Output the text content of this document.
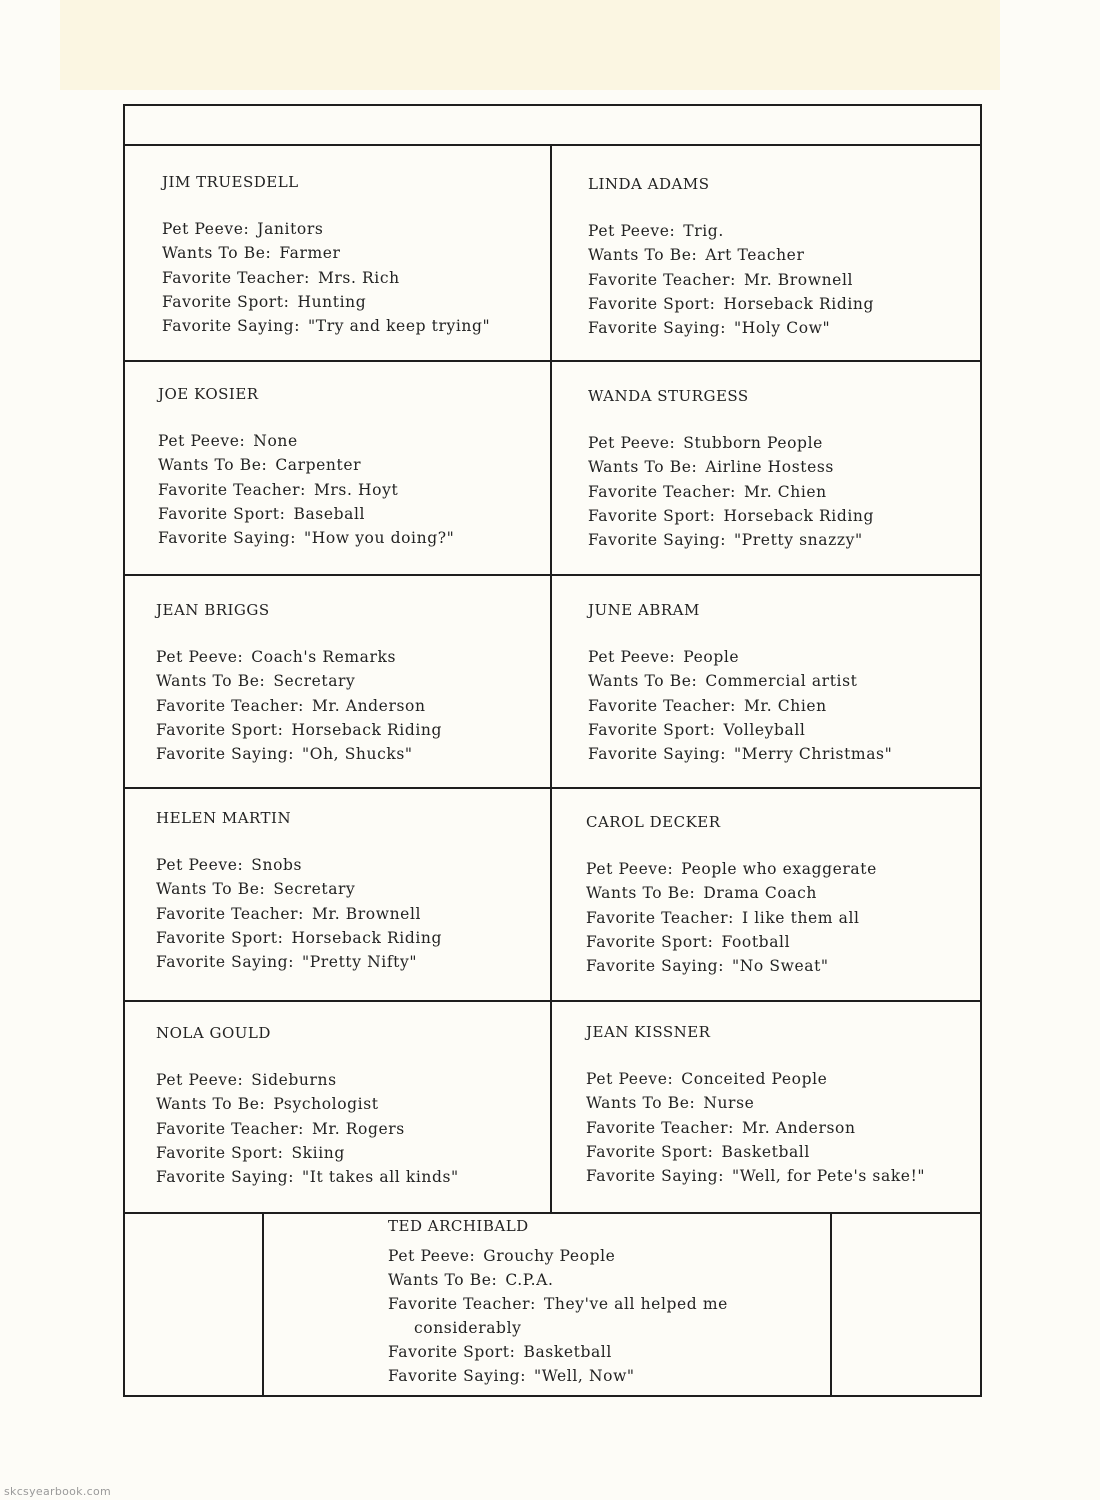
JIM TRUESDELL
Pet Peeve: Janitors
Wants To Be: Farmer
Favorite Teacher: Mrs. Rich
Favorite Sport: Hunting
Favorite Saying: "Try and keep trying"
LINDA ADAMS
Pet Peeve: Trig.
Wants To Be: Art Teacher
Favorite Teacher: Mr. Brownell
Favorite Sport: Horseback Riding
Favorite Saying: "Holy Cow"
JOE KOSIER
Pet Peeve: None
Wants To Be: Carpenter
Favorite Teacher: Mrs. Hoyt
Favorite Sport: Baseball
Favorite Saying: "How you doing?"
WANDA STURGESS
Pet Peeve: Stubborn People
Wants To Be: Airline Hostess
Favorite Teacher: Mr. Chien
Favorite Sport: Horseback Riding
Favorite Saying: "Pretty snazzy"
JEAN BRIGGS
Pet Peeve: Coach's Remarks
Wants To Be: Secretary
Favorite Teacher: Mr. Anderson
Favorite Sport: Horseback Riding
Favorite Saying: "Oh, Shucks"
JUNE ABRAM
Pet Peeve: People
Wants To Be: Commercial artist
Favorite Teacher: Mr. Chien
Favorite Sport: Volleyball
Favorite Saying: "Merry Christmas"
HELEN MARTIN
Pet Peeve: Snobs
Wants To Be: Secretary
Favorite Teacher: Mr. Brownell
Favorite Sport: Horseback Riding
Favorite Saying: "Pretty Nifty"
CAROL DECKER
Pet Peeve: People who exaggerate
Wants To Be: Drama Coach
Favorite Teacher: I like them all
Favorite Sport: Football
Favorite Saying: "No Sweat"
NOLA GOULD
Pet Peeve: Sideburns
Wants To Be: Psychologist
Favorite Teacher: Mr. Rogers
Favorite Sport: Skiing
Favorite Saying: "It takes all kinds"
JEAN KISSNER
Pet Peeve: Conceited People
Wants To Be: Nurse
Favorite Teacher: Mr. Anderson
Favorite Sport: Basketball
Favorite Saying: "Well, for Pete's sake!"
TED ARCHIBALD
Pet Peeve: Grouchy People
Wants To Be: C.P.A.
Favorite Teacher: They've all helped me
considerably
Favorite Sport: Basketball
Favorite Saying: "Well, Now"
skcsyearbook.com
